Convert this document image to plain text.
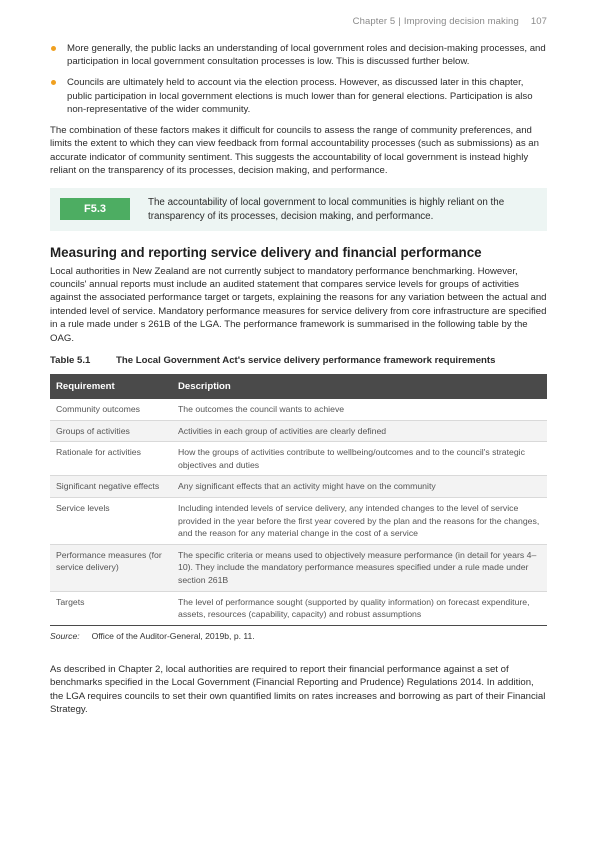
Chapter 5 | Improving decision making 107
More generally, the public lacks an understanding of local government roles and decision-making processes, and participation in local government consultation processes is low. This is discussed further below.
Councils are ultimately held to account via the election process. However, as discussed later in this chapter, public participation in local government elections is much lower than for general elections. Participation is also non-representative of the wider community.

The combination of these factors makes it difficult for councils to assess the range of community preferences, and limits the extent to which they can view feedback from formal accountability processes (such as submissions) as an accurate indicator of community sentiment. This suggests the accountability of local government is instead highly reliant on the transparency of its processes, decision making, and performance.

F5.3
The accountability of local government to local communities is highly reliant on the transparency of its processes, decision making, and performance.
Measuring and reporting service delivery and financial performance

Local authorities in New Zealand are not currently subject to mandatory performance benchmarking. However, councils' annual reports must include an audited statement that compares service levels for groups of activities against the associated performance target or targets, explaining the reasons for any variation between the actual and intended level of service. Mandatory performance measures for service delivery from core infrastructure are specified in a rule made under s 261B of the LGA. The performance framework is summarised in the following table by the OAG.

Table 5.1	The Local Government Act's service delivery performance framework requirements
Requirement	Description
Community outcomes	The outcomes the council wants to achieve
Groups of activities	Activities in each group of activities are clearly defined
Rationale for activities	How the groups of activities contribute to wellbeing/outcomes and to the council's strategic objectives and duties
Significant negative effects	Any significant effects that an activity might have on the community
Service levels	Including intended levels of service delivery, any intended changes to the level of service provided in the year before the first year covered by the plan and the reasons for the changes, and the reason for any material change in the cost of a service
Performance measures (for service delivery)	The specific criteria or means used to objectively measure performance (in detail for years 4–10). They include the mandatory performance measures specified under a rule made under section 261B
Targets	The level of performance sought (supported by quality information) on forecast expenditure, assets, resources (capability, capacity) and robust assumptions
Source: Office of the Auditor-General, 2019b, p. 11.

As described in Chapter 2, local authorities are required to report their financial performance against a set of benchmarks specified in the Local Government (Financial Reporting and Prudence) Regulations 2014. In addition, the LGA requires councils to set their own quantified limits on rates increases and borrowing as part of their Financial Strategy.
